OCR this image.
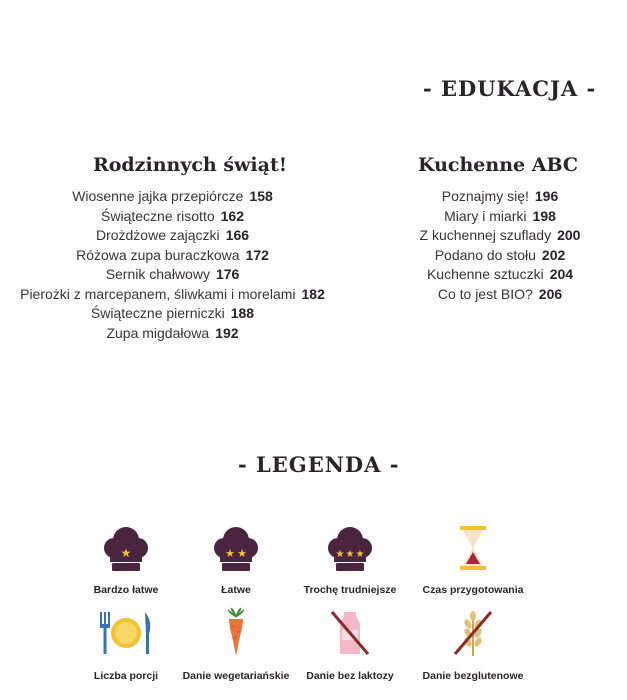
- EDUKACJA -
Rodzinnych świąt!
Wiosenne jajka przepiórcze 158
Świąteczne risotto 162
Drożdżowe zajączki 166
Różowa zupa buraczkowa 172
Sernik chałwowy 176
Pierożki z marcepanem, śliwkami i morelami 182
Świąteczne pierniczki 188
Zupa migdałowa 192
Kuchenne ABC
Poznajmy się! 196
Miary i miarki 198
Z kuchennej szuflady 200
Podano do stołu 202
Kuchenne sztuczki 204
Co to jest BIO? 206
- LEGENDA -
★
Bardzo łatwe
★ ★
Łatwe
★ ★ ★
Trochę trudniejsze	Czas przygotowania
Liczba porcji	Danie wegetariańskie	Danie bez laktozy	Danie bezglutenowe
